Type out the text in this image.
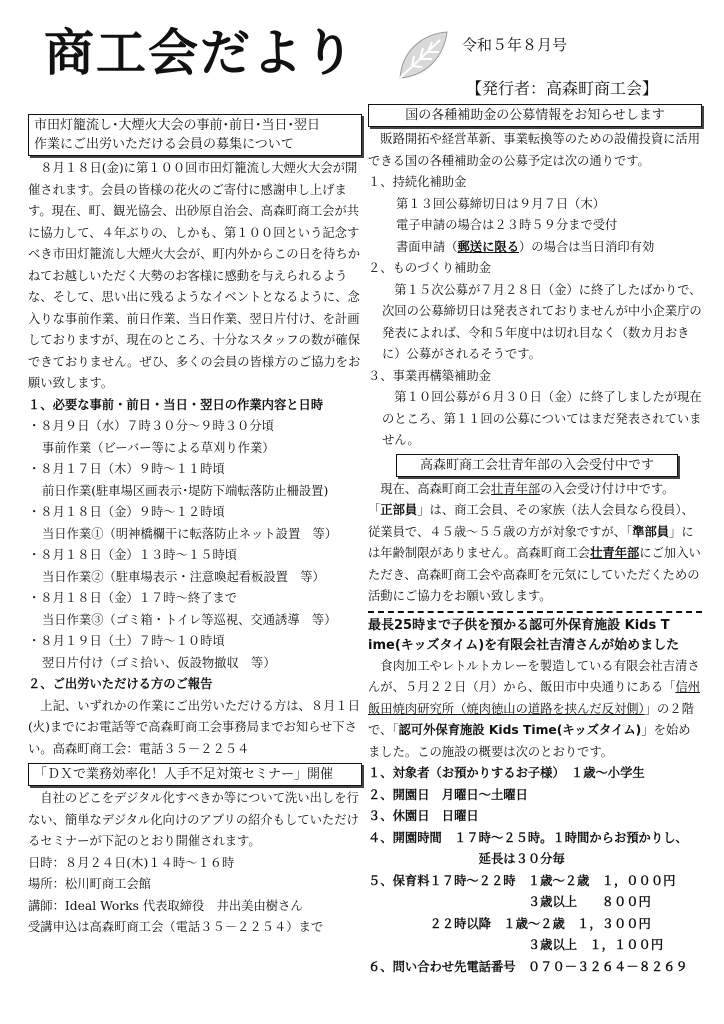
商工会だより	令和５年８月号
【発行者：高森町商工会】
市田灯籠流し･大煙火大会の事前･前日･当日･翌日
作業にご出労いただける会員の募集について

８月１８日(金)に第１００回市田灯籠流し大煙火大会が開催されます。会員の皆様の花火のご寄付に感謝申し上げます。現在、町、観光協会、出砂原自治会、高森町商工会が共に協力して、４年ぶりの、しかも、第１００回という記念すべき市田灯籠流し大煙火大会が、町内外からこの日を待ちかねてお越しいただく大勢のお客様に感動を与えられるような、そして、思い出に残るようなイベントとなるように、念入りな事前作業、前日作業、当日作業、翌日片付け、を計画しておりますが、現在のところ、十分なスタッフの数が確保できておりません。ぜひ、多くの会員の皆様方のご協力をお願い致します。

１、必要な事前・前日・当日・翌日の作業内容と日時
・８月９日（水）７時３０分～９時３０分頃
事前作業（ビーバー等による草刈り作業）
・８月１７日（木）９時～１１時頃
前日作業(駐車場区画表示･堤防下端転落防止柵設置)
・８月１８日（金）９時～１２時頃
当日作業①（明神橋欄干に転落防止ネット設置　等）
・８月１８日（金）１３時～１５時頃
当日作業②（駐車場表示・注意喚起看板設置　等）
・８月１８日（金）１７時～終了まで
当日作業③（ゴミ箱・トイレ等巡視、交通誘導　等）
・８月１９日（土）７時～１０時頃
翌日片付け（ゴミ拾い、仮設物撤収　等）
２、ご出労いただける方のご報告

上記、いずれかの作業にご出労いただける方は、８月１日(火)までにお電話等で高森町商工会事務局までお知らせ下さい。高森町商工会：電話３５－２２５４

「ＤＸで業務効率化！人手不足対策セミナー」開催

自社のどこをデジタル化すべきか等について洗い出しを行ない、簡単なデジタル化向けのアプリの紹介もしていただけるセミナーが下記のとおり開催されます。

日時：８月２４日(木)１４時～１６時
場所：松川町商工会館
講師：Ideal Works 代表取締役　井出美由樹さん
受講申込は高森町商工会（電話３５－２２５４）まで
国の各種補助金の公募情報をお知らせします

販路開拓や経営革新、事業転換等のための設備投資に活用できる国の各種補助金の公募予定は次の通りです。

１、持続化補助金
第１３回公募締切日は９月７日（木）
電子申請の場合は２３時５９分まで受付
書面申請（郵送に限る）の場合は当日消印有効
２、ものづくり補助金

第１５次公募が７月２８日（金）に終了したばかりで、次回の公募締切日は発表されておりませんが中小企業庁の発表によれば、令和５年度中は切れ目なく（数カ月おきに）公募がされるそうです。

３、事業再構築補助金

第１０回公募が６月３０日（金）に終了しましたが現在のところ、第１１回の公募についてはまだ発表されていません。

高森町商工会壮青年部の入会受付中です

現在、高森町商工会壮青年部の入会受け付け中です。

「正部員」は、商工会員、その家族（法人会員なら役員）、従業員で、４５歳～５５歳の方が対象ですが、「準部員」には年齢制限がありません。高森町商工会壮青年部にご加入いただき、高森町商工会や高森町を元気にしていただくための活動にご協力をお願い致します。

最長25時まで子供を預かる認可外保育施設 Kids T
ime(キッズタイム)を有限会社吉清さんが始めました

食肉加工やレトルトカレーを製造している有限会社吉清さんが、５月２２日（月）から、飯田市中央通りにある「信州飯田焼肉研究所（焼肉徳山の道路を挟んだ反対側）」の２階で、「認可外保育施設 Kids Time(キッズタイム)」を始めました。この施設の概要は次のとおりです。

１、対象者（お預かりするお子様）　１歳～小学生
２、開園日　月曜日～土曜日
３、休園日　日曜日
４、開園時間　１７時～２５時。１時間からお預かりし、
　　　　　　　　　延長は３０分毎
５、保育料１７時～２２時　１歳～２歳　１，０００円
　　　　　　　　　　　　　３歳以上　　８００円
　　　　　２２時以降　１歳～２歳　１，３００円
　　　　　　　　　　　　　３歳以上　１，１００円
６、問い合わせ先電話番号　０７０－３２６４－８２６９
